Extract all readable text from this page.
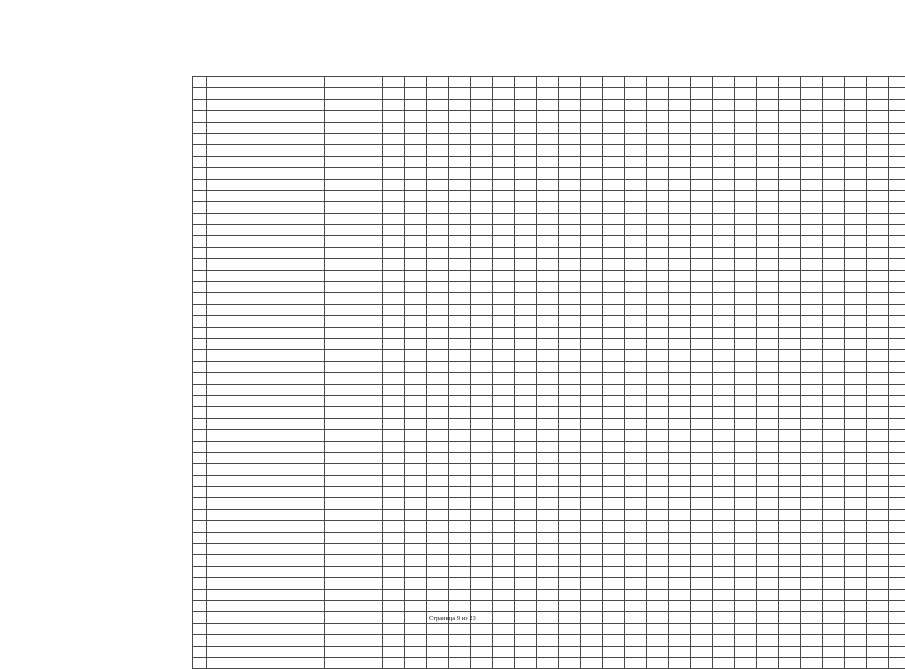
Страница 9 из 23
